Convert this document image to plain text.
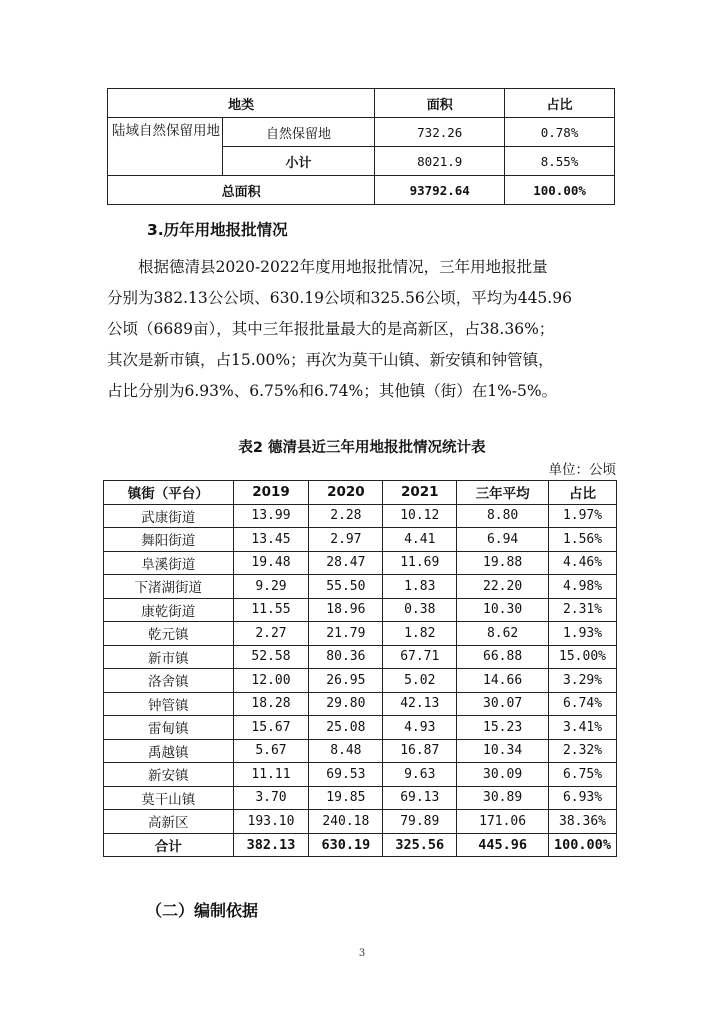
地类		面积	占比
陆域自然保留用地	自然保留地	732.26	0.78%
	小计	8021.9	8.55%
总面积		93792.64	100.00%
3.历年用地报批情况

根据德清县2020-2022年度用地报批情况，三年用地报批量

分别为382.13公公顷、630.19公顷和325.56公顷，平均为445.96

公顷（6689亩），其中三年报批量最大的是高新区，占38.36%；

其次是新市镇，占15.00%；再次为莫干山镇、新安镇和钟管镇，

占比分别为6.93%、6.75%和6.74%；其他镇（街）在1%-5%。

表2 德清县近三年用地报批情况统计表
单位：公顷
镇街（平台）	2019	2020	2021	三年平均	占比
武康街道	13.99	2.28	10.12	8.80	1.97%
舞阳街道	13.45	2.97	4.41	6.94	1.56%
阜溪街道	19.48	28.47	11.69	19.88	4.46%
下渚湖街道	9.29	55.50	1.83	22.20	4.98%
康乾街道	11.55	18.96	0.38	10.30	2.31%
乾元镇	2.27	21.79	1.82	8.62	1.93%
新市镇	52.58	80.36	67.71	66.88	15.00%
洛舍镇	12.00	26.95	5.02	14.66	3.29%
钟管镇	18.28	29.80	42.13	30.07	6.74%
雷甸镇	15.67	25.08	4.93	15.23	3.41%
禹越镇	5.67	8.48	16.87	10.34	2.32%
新安镇	11.11	69.53	9.63	30.09	6.75%
莫干山镇	3.70	19.85	69.13	30.89	6.93%
高新区	193.10	240.18	79.89	171.06	38.36%
合计	382.13	630.19	325.56	445.96	100.00%
（二）编制依据
3
